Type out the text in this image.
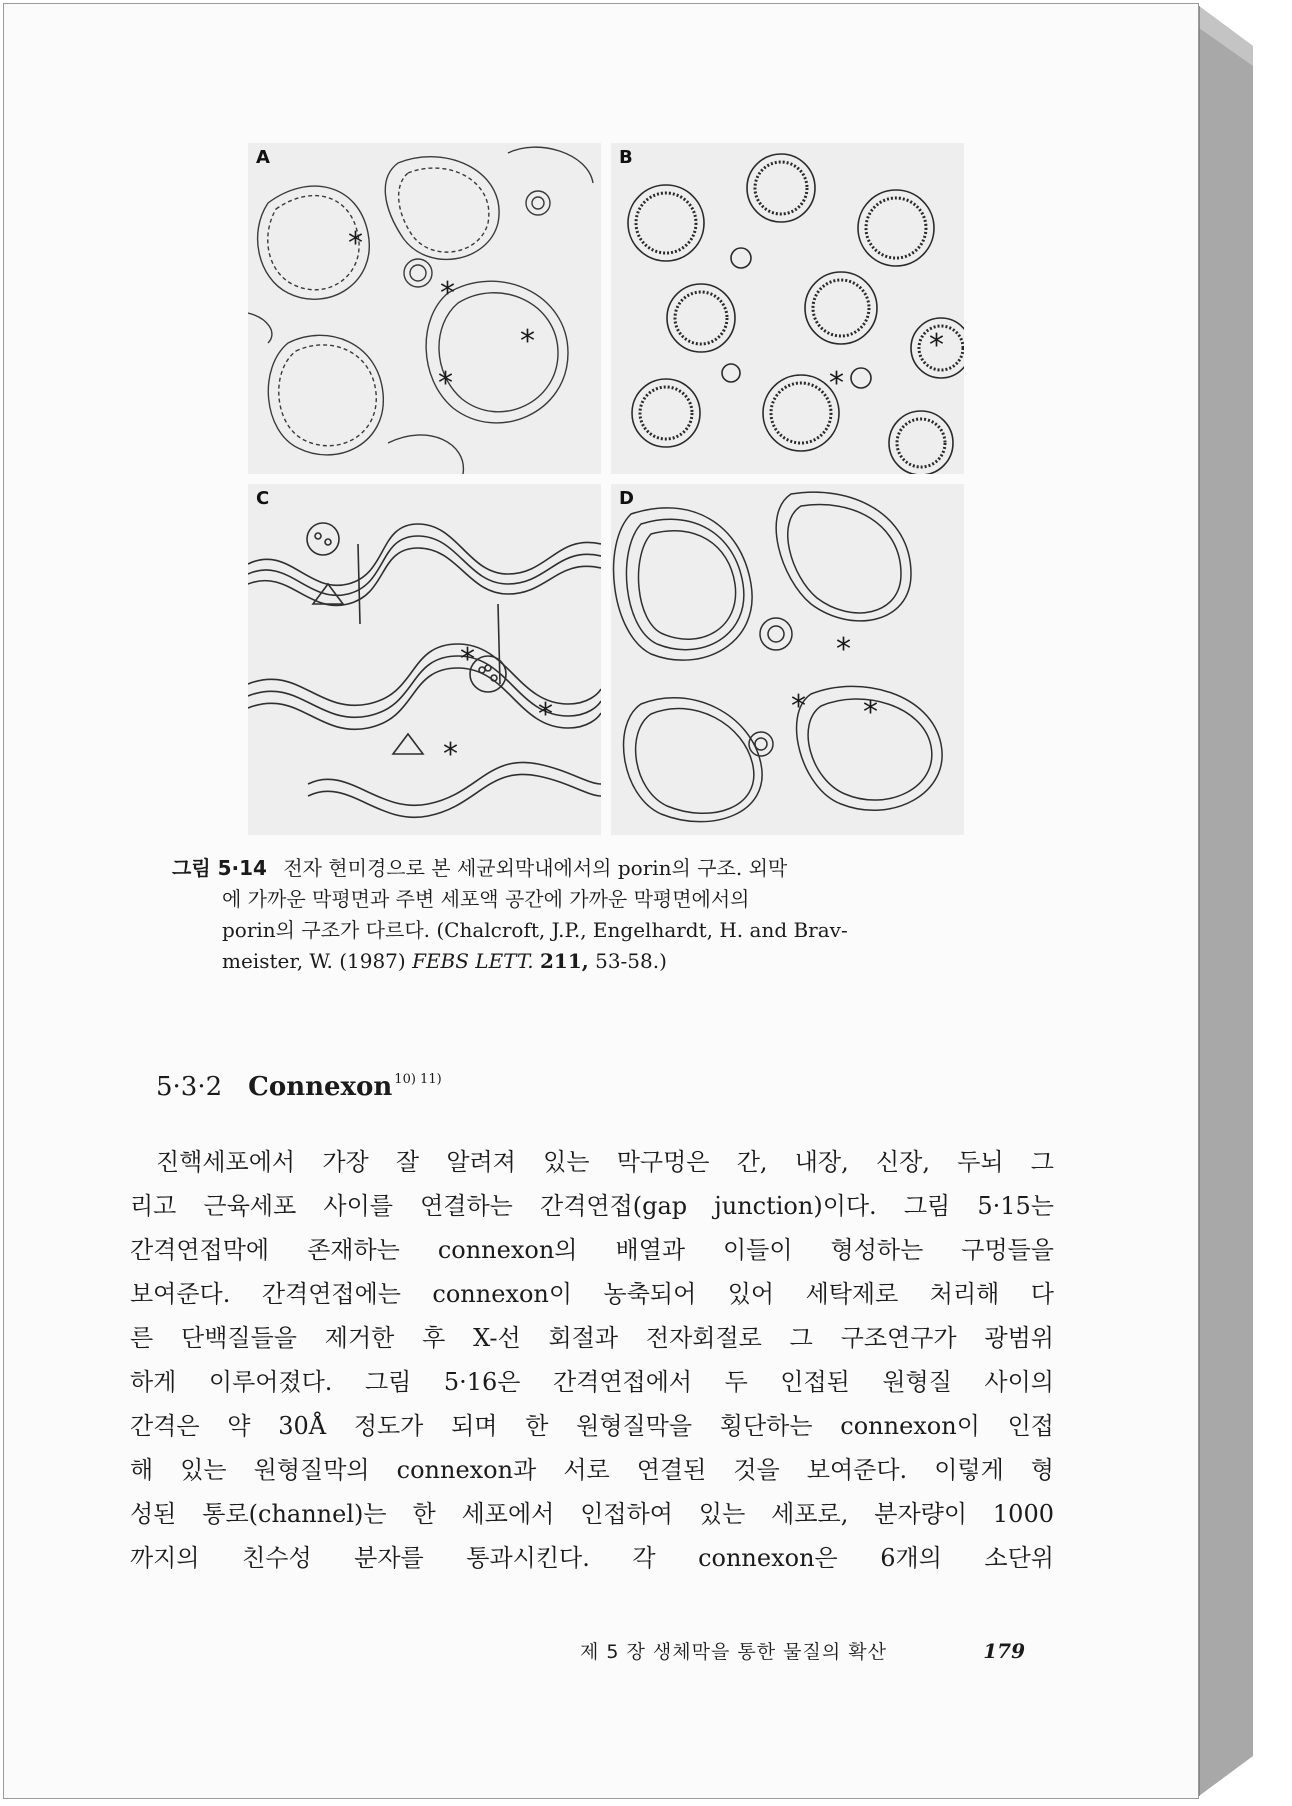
*
*
*
*
A
*
*
B
*
*
*
C
*
* *
D
그림 5·14 전자 현미경으로 본 세균외막내에서의 porin의 구조. 외막
에 가까운 막평면과 주변 세포액 공간에 가까운 막평면에서의
porin의 구조가 다르다. (Chalcroft, J.P., Engelhardt, H. and Brav-
meister, W. (1987) FEBS LETT. 211, 53-58.)
5·3·2 Connexon $^{10) 11)}$
진핵세포에서 가장 잘 알려져 있는 막구멍은 간, 내장, 신장, 두뇌 그
리고 근육세포 사이를 연결하는 간격연접(gap junction)이다. 그림 5·15는
간격연접막에 존재하는 connexon의 배열과 이들이 형성하는 구멍들을
보여준다. 간격연접에는 connexon이 농축되어 있어 세탁제로 처리해 다
른 단백질들을 제거한 후 X-선 회절과 전자회절로 그 구조연구가 광범위
하게 이루어졌다. 그림 5·16은 간격연접에서 두 인접된 원형질 사이의
간격은 약 30Å 정도가 되며 한 원형질막을 횡단하는 connexon이 인접
해 있는 원형질막의 connexon과 서로 연결된 것을 보여준다. 이렇게 형
성된 통로(channel)는 한 세포에서 인접하여 있는 세포로, 분자량이 1000
까지의 친수성 분자를 통과시킨다. 각 connexon은 6개의 소단위
제 5 장 생체막을 통한 물질의 확산	179
